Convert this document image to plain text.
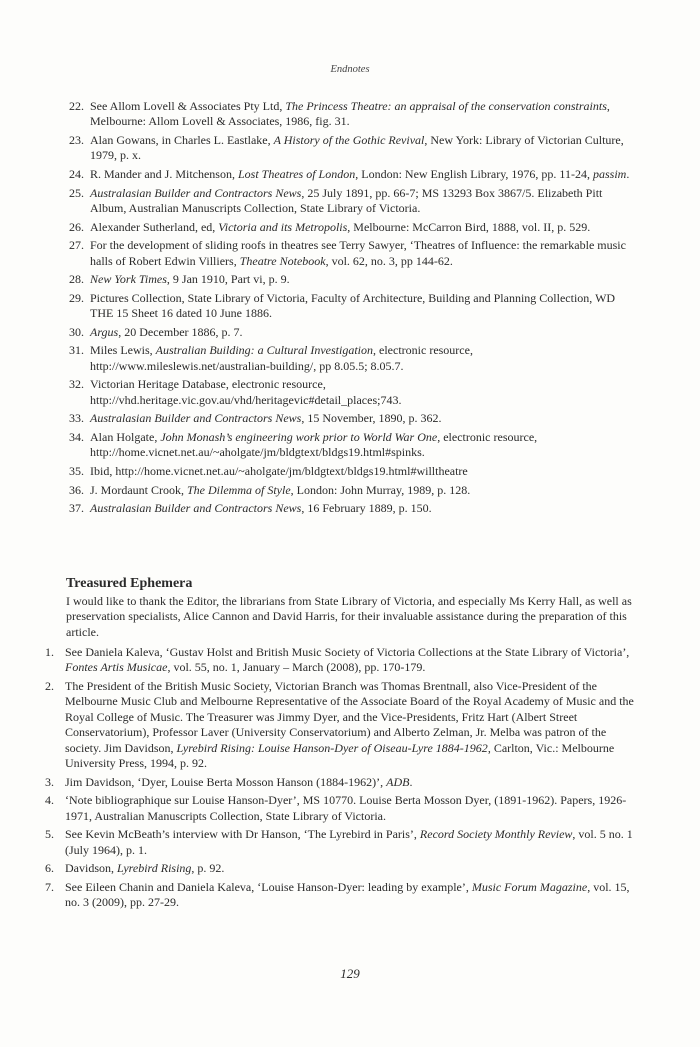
Endnotes
22. See Allom Lovell & Associates Pty Ltd, The Princess Theatre: an appraisal of the conservation constraints, Melbourne: Allom Lovell & Associates, 1986, fig. 31.
23. Alan Gowans, in Charles L. Eastlake, A History of the Gothic Revival, New York: Library of Victorian Culture, 1979, p. x.
24. R. Mander and J. Mitchenson, Lost Theatres of London, London: New English Library, 1976, pp. 11-24, passim.
25. Australasian Builder and Contractors News, 25 July 1891, pp. 66-7; MS 13293 Box 3867/5. Elizabeth Pitt Album, Australian Manuscripts Collection, State Library of Victoria.
26. Alexander Sutherland, ed, Victoria and its Metropolis, Melbourne: McCarron Bird, 1888, vol. II, p. 529.
27. For the development of sliding roofs in theatres see Terry Sawyer, ‘Theatres of Influence: the remarkable music halls of Robert Edwin Villiers, Theatre Notebook, vol. 62, no. 3, pp 144-62.
28. New York Times, 9 Jan 1910, Part vi, p. 9.
29. Pictures Collection, State Library of Victoria, Faculty of Architecture, Building and Planning Collection, WD THE 15 Sheet 16 dated 10 June 1886.
30. Argus, 20 December 1886, p. 7.
31. Miles Lewis, Australian Building: a Cultural Investigation, electronic resource, http://www.mileslewis.net/australian-building/, pp 8.05.5; 8.05.7.
32. Victorian Heritage Database, electronic resource, http://vhd.heritage.vic.gov.au/vhd/heritagevic#detail_places;743.
33. Australasian Builder and Contractors News, 15 November, 1890, p. 362.
34. Alan Holgate, John Monash’s engineering work prior to World War One, electronic resource, http://home.vicnet.net.au/~aholgate/jm/bldgtext/bldgs19.html#spinks.
35. Ibid, http://home.vicnet.net.au/~aholgate/jm/bldgtext/bldgs19.html#willtheatre
36. J. Mordaunt Crook, The Dilemma of Style, London: John Murray, 1989, p. 128.
37. Australasian Builder and Contractors News, 16 February 1889, p. 150.
Treasured Ephemera
I would like to thank the Editor, the librarians from State Library of Victoria, and especially Ms Kerry Hall, as well as preservation specialists, Alice Cannon and David Harris, for their invaluable assistance during the preparation of this article.
1. See Daniela Kaleva, ‘Gustav Holst and British Music Society of Victoria Collections at the State Library of Victoria’, Fontes Artis Musicae, vol. 55, no. 1, January – March (2008), pp. 170-179.
2. The President of the British Music Society, Victorian Branch was Thomas Brentnall, also Vice-President of the Melbourne Music Club and Melbourne Representative of the Associate Board of the Royal Academy of Music and the Royal College of Music. The Treasurer was Jimmy Dyer, and the Vice-Presidents, Fritz Hart (Albert Street Conservatorium), Professor Laver (University Conservatorium) and Alberto Zelman, Jr. Melba was patron of the society. Jim Davidson, Lyrebird Rising: Louise Hanson-Dyer of Oiseau-Lyre 1884-1962, Carlton, Vic.: Melbourne University Press, 1994, p. 92.
3. Jim Davidson, ‘Dyer, Louise Berta Mosson Hanson (1884-1962)’, ADB.
4. ‘Note bibliographique sur Louise Hanson-Dyer’, MS 10770. Louise Berta Mosson Dyer, (1891-1962). Papers, 1926-1971, Australian Manuscripts Collection, State Library of Victoria.
5. See Kevin McBeath’s interview with Dr Hanson, ‘The Lyrebird in Paris’, Record Society Monthly Review, vol. 5 no. 1 (July 1964), p. 1.
6. Davidson, Lyrebird Rising, p. 92.
7. See Eileen Chanin and Daniela Kaleva, ‘Louise Hanson-Dyer: leading by example’, Music Forum Magazine, vol. 15, no. 3 (2009), pp. 27-29.
129
